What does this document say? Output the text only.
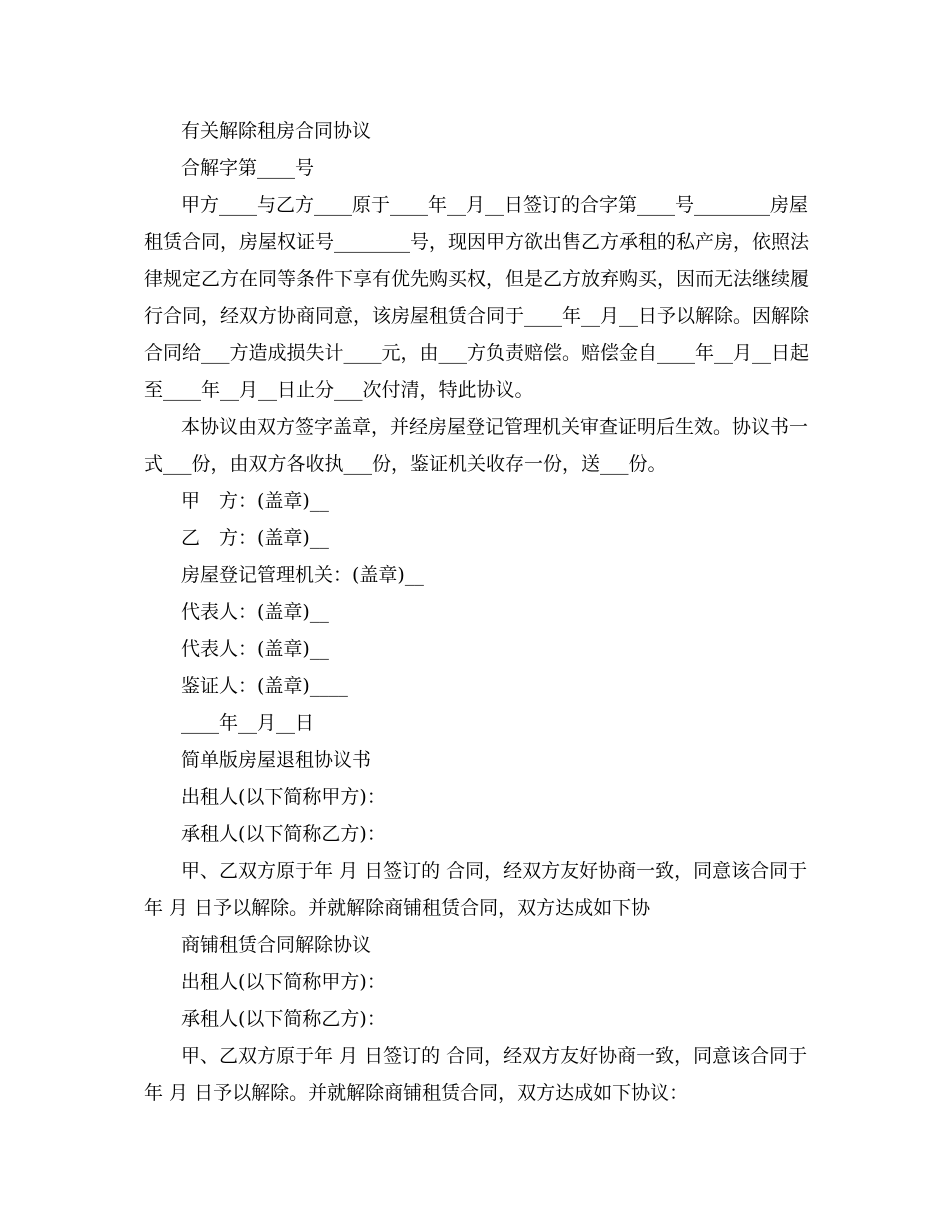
有关解除租房合同协议
合解字第____号
甲方____与乙方____原于____年__月__日签订的合字第____号________房屋
租赁合同，房屋权证号________号，现因甲方欲出售乙方承租的私产房，依照法
律规定乙方在同等条件下享有优先购买权，但是乙方放弃购买，因而无法继续履
行合同，经双方协商同意，该房屋租赁合同于____年__月__日予以解除。因解除
合同给___方造成损失计____元，由___方负责赔偿。赔偿金自____年__月__日起
至____年__月__日止分___次付清，特此协议。
本协议由双方签字盖章，并经房屋登记管理机关审查证明后生效。协议书一
式___份，由双方各收执___份，鉴证机关收存一份，送___份。
甲　方：(盖章)__
乙　方：(盖章)__
房屋登记管理机关：(盖章)__
代表人：(盖章)__
代表人：(盖章)__
鉴证人：(盖章)____
____年__月__日
简单版房屋退租协议书
出租人(以下简称甲方)：
承租人(以下简称乙方)：
甲、乙双方原于年 月 日签订的 合同，经双方友好协商一致，同意该合同于
年 月 日予以解除。并就解除商铺租赁合同，双方达成如下协
商铺租赁合同解除协议
出租人(以下简称甲方)：
承租人(以下简称乙方)：
甲、乙双方原于年 月 日签订的 合同，经双方友好协商一致，同意该合同于
年 月 日予以解除。并就解除商铺租赁合同，双方达成如下协议：
